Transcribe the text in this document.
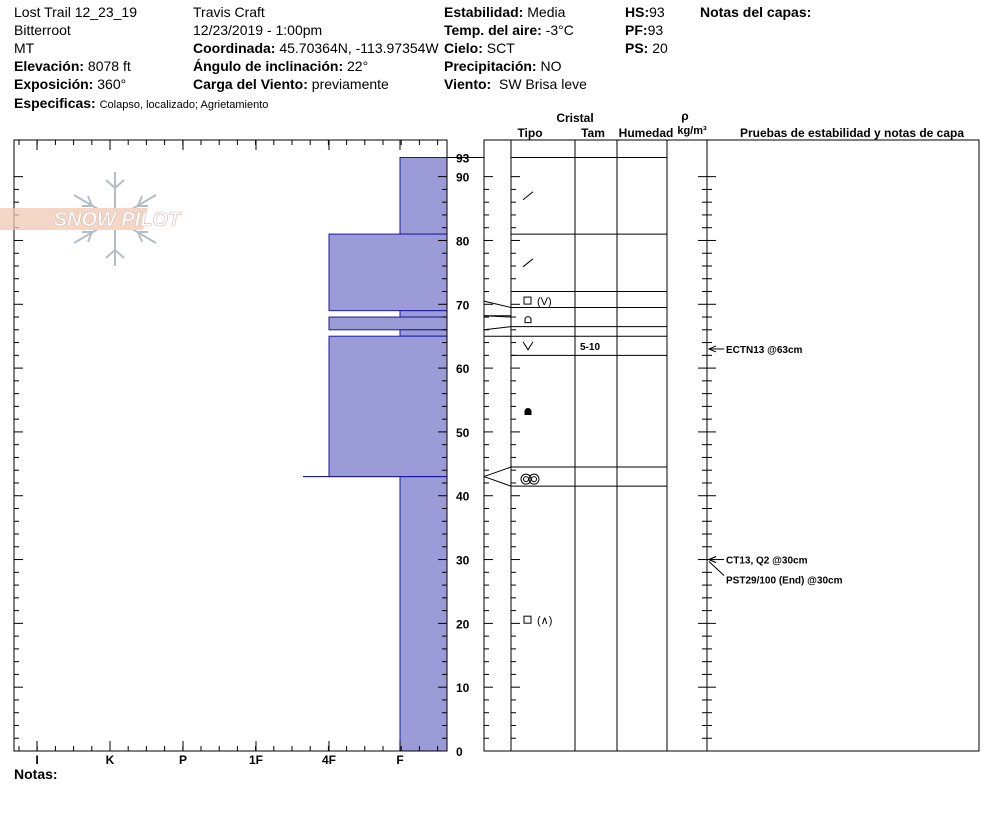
Lost Trail 12_23_19
Bitterroot
MT
Elevación: 8078 ft
Exposición: 360°
Especificas: Colapso, localizado; Agrietamiento
Travis Craft
12/23/2019 - 1:00pm
Coordinada: 45.70364N, -113.97354W
Ángulo de inclinación: 22°
Carga del Viento: previamente
Estabilidad: Media
Temp. del aire: -3°C
Cielo: SCT
Precipitación: NO
Viento: SW Brisa leve
HS:93
PF:93
PS: 20
Notas del capas:
Notas:
I	K	P	1F	4F	F
0
10
20
30
40
50
60
70
80
90
93
(V)
5-10
(∧)
ECTN13 @63cm
CT13, Q2 @30cm
PST29/100 (End) @30cm
Cristal
Tipo	Tam Humedad
ρ
kg/m³	Pruebas de estabilidad y notas de capa
SNOW PILOT
